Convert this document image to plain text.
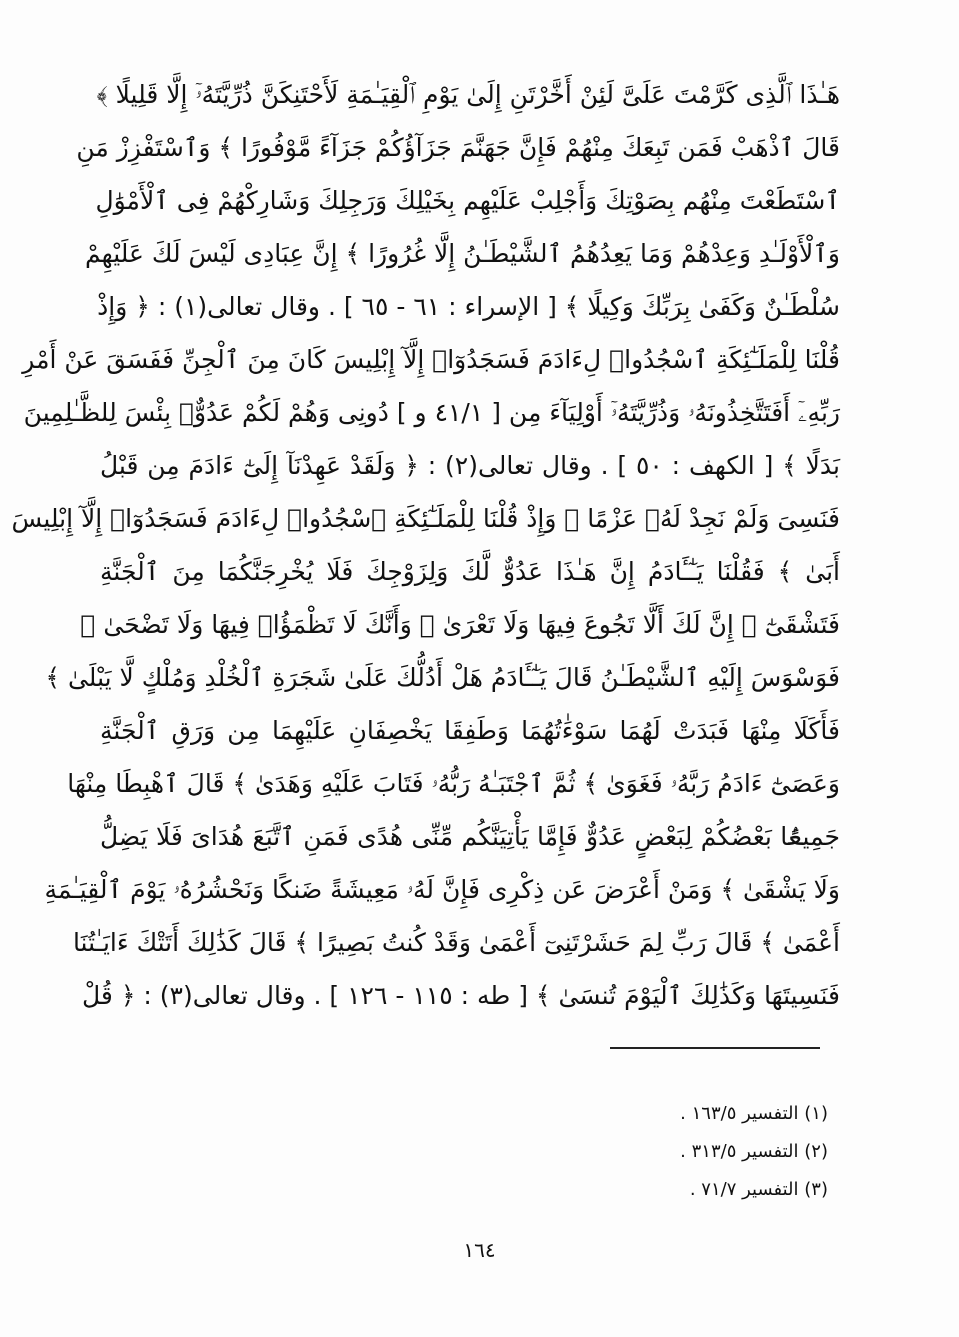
هَـٰذَا ٱلَّذِى كَرَّمْتَ عَلَىَّ لَئِنْ أَخَّرْتَنِ إِلَىٰ يَوْمِ ٱلْقِيَـٰمَةِ لَأَحْتَنِكَنَّ ذُرِّيَّتَهُۥٓ إِلَّا قَلِيلًا ﴾
قَالَ ٱذْهَبْ فَمَن تَبِعَكَ مِنْهُمْ فَإِنَّ جَهَنَّمَ جَزَآؤُكُمْ جَزَآءً مَّوْفُورًا ﴾ وَٱسْتَفْزِزْ مَنِ
ٱسْتَطَعْتَ مِنْهُم بِصَوْتِكَ وَأَجْلِبْ عَلَيْهِم بِخَيْلِكَ وَرَجِلِكَ وَشَارِكْهُمْ فِى ٱلْأَمْوَٰلِ
وَٱلْأَوْلَـٰدِ وَعِدْهُمْ وَمَا يَعِدُهُمُ ٱلشَّيْطَـٰنُ إِلَّا غُرُورًا ﴾ إِنَّ عِبَادِى لَيْسَ لَكَ عَلَيْهِمْ
سُلْطَـٰنٌ وَكَفَىٰ بِرَبِّكَ وَكِيلًا ﴾ [ الإسراء : ٦١ - ٦٥ ] . وقال تعالى(١) : ﴿ وَإِذْ
قُلْنَا لِلْمَلَـٰٓئِكَةِ ٱسْجُدُوا۟ لِءَادَمَ فَسَجَدُوٓا۟ إِلَّآ إِبْلِيسَ كَانَ مِنَ ٱلْجِنِّ فَفَسَقَ عَنْ أَمْرِ
رَبِّهِۦٓ أَفَتَتَّخِذُونَهُۥ وَذُرِّيَّتَهُۥٓ أَوْلِيَآءَ مِن [ ٤١/١ و ] دُونِى وَهُمْ لَكُمْ عَدُوٌّۢ بِئْسَ لِلظَّـٰلِمِينَ
بَدَلًا ﴾ [ الكهف : ٥٠ ] . وقال تعالى(٢) : ﴿ وَلَقَدْ عَهِدْنَآ إِلَىٰٓ ءَادَمَ مِن قَبْلُ
فَنَسِىَ وَلَمْ نَجِدْ لَهُۥ عَزْمًا ﴾ وَإِذْ قُلْنَا لِلْمَلَـٰٓئِكَةِ ٱسْجُدُوا۟ لِءَادَمَ فَسَجَدُوٓا۟ إِلَّآ إِبْلِيسَ
أَبَىٰ ﴾ فَقُلْنَا يَـٰٓـَٔادَمُ إِنَّ هَـٰذَا عَدُوٌّ لَّكَ وَلِزَوْجِكَ فَلَا يُخْرِجَنَّكُمَا مِنَ ٱلْجَنَّةِ
فَتَشْقَىٰٓ ﴾ إِنَّ لَكَ أَلَّا تَجُوعَ فِيهَا وَلَا تَعْرَىٰ ﴾ وَأَنَّكَ لَا تَظْمَؤُا۟ فِيهَا وَلَا تَضْحَىٰ ﴾
فَوَسْوَسَ إِلَيْهِ ٱلشَّيْطَـٰنُ قَالَ يَـٰٓـَٔادَمُ هَلْ أَدُلُّكَ عَلَىٰ شَجَرَةِ ٱلْخُلْدِ وَمُلْكٍ لَّا يَبْلَىٰ ﴾
فَأَكَلَا مِنْهَا فَبَدَتْ لَهُمَا سَوْءَٰتُهُمَا وَطَفِقَا يَخْصِفَانِ عَلَيْهِمَا مِن وَرَقِ ٱلْجَنَّةِ
وَعَصَىٰٓ ءَادَمُ رَبَّهُۥ فَغَوَىٰ ﴾ ثُمَّ ٱجْتَبَـٰهُ رَبُّهُۥ فَتَابَ عَلَيْهِ وَهَدَىٰ ﴾ قَالَ ٱهْبِطَا مِنْهَا
جَمِيعًۢا بَعْضُكُمْ لِبَعْضٍ عَدُوٌّ فَإِمَّا يَأْتِيَنَّكُم مِّنِّى هُدًى فَمَنِ ٱتَّبَعَ هُدَاىَ فَلَا يَضِلُّ
وَلَا يَشْقَىٰ ﴾ وَمَنْ أَعْرَضَ عَن ذِكْرِى فَإِنَّ لَهُۥ مَعِيشَةً ضَنكًا وَنَحْشُرُهُۥ يَوْمَ ٱلْقِيَـٰمَةِ
أَعْمَىٰ ﴾ قَالَ رَبِّ لِمَ حَشَرْتَنِىٓ أَعْمَىٰ وَقَدْ كُنتُ بَصِيرًا ﴾ قَالَ كَذَٰلِكَ أَتَتْكَ ءَايَـٰتُنَا
فَنَسِيتَهَا وَكَذَٰلِكَ ٱلْيَوْمَ تُنسَىٰ ﴾ [ طه : ١١٥ - ١٢٦ ] . وقال تعالى(٣) : ﴿ قُلْ
(١) التفسير ١٦٣/٥ .
(٢) التفسير ٣١٣/٥ .
(٣) التفسير ٧١/٧ .
١٦٤
